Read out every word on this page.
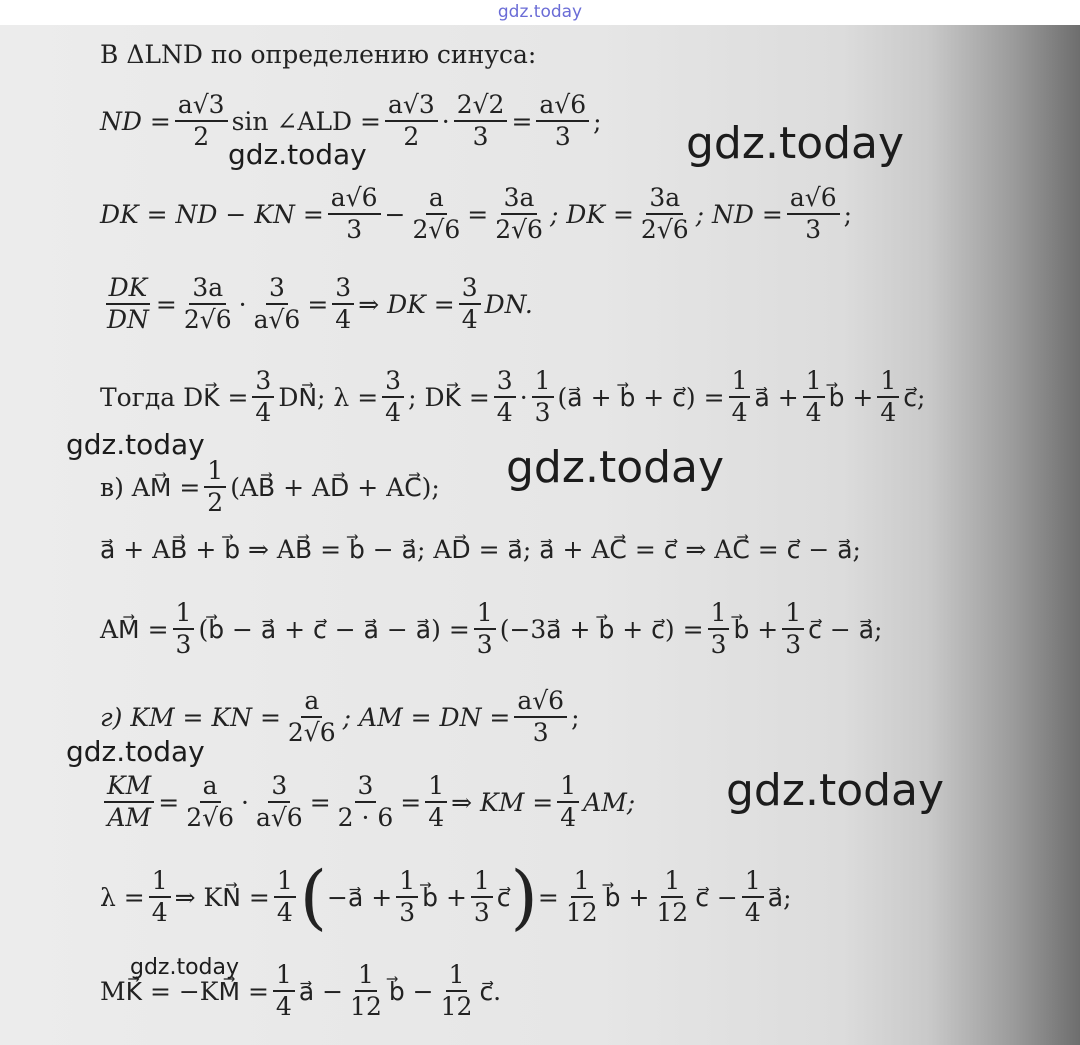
gdz.today
В ΔLND по определению синуса:
ND = $\frac{a√3}{2}$ sin ∠ALD = $\frac{a√3}{2} \cdot \frac{2√2}{3} = \frac{a√6}{3}$ ;
DK = ND − KN = $\frac{a√6}{3} - \frac{a}{2√6} = \frac{3a}{2√6}$ ; DK = $\frac{3a}{2√6}$ ; ND = $\frac{a√6}{3}$ ;
$\frac{DK}{DN} = \frac{3a}{2√6} \cdot \frac{3}{a√6} = \frac{3}{4}$ ⇒ DK = $\frac{3}{4}$ DN.
Тогда DK⃗ = $\frac{3}{4}$ DN⃗; $\lambda = \frac{3}{4}$ ; DK⃗ = $\frac{3}{4} \cdot \frac{1}{3}$ (a⃗ + b⃗ + c⃗) = $\frac{1}{4}$ a⃗ + $\frac{1}{4}$ b⃗ + $\frac{1}{4}$ c⃗;
в) AM⃗ = $\frac{1}{2}$ (AB⃗ + AD⃗ + AC⃗);
a⃗ + AB⃗ + b⃗ ⇒ AB⃗ = b⃗ − a⃗; AD⃗ = a⃗; a⃗ + AC⃗ = c⃗ ⇒ AC⃗ = c⃗ − a⃗;
AM⃗ = $\frac{1}{3}$ (b⃗ − a⃗ + c⃗ − a⃗ − a⃗) = $\frac{1}{3}$ (−3a⃗ + b⃗ + c⃗) = $\frac{1}{3}$ b⃗ + $\frac{1}{3}$ c⃗ − a⃗;
г) KM = KN = $\frac{a}{2√6}$ ; AM = DN = $\frac{a√6}{3}$ ;
$\frac{KM}{AM} = \frac{a}{2√6} \cdot \frac{3}{a√6} = \frac{3}{2 \cdot 6} = \frac{1}{4}$ ⇒ KM = $\frac{1}{4}$ AM;
$\lambda = \frac{1}{4}$ ⇒ KN⃗ = $\frac{1}{4}$ ( −a⃗ + $\frac{1}{3}$ b⃗ + $\frac{1}{3}$ c⃗ ) = $\frac{1}{12}$ b⃗ + $\frac{1}{12}$ c⃗ − $\frac{1}{4}$ a⃗;
MK⃗ = −KM⃗ = $\frac{1}{4}$ a⃗ − $\frac{1}{12}$ b⃗ − $\frac{1}{12}$ c⃗.
gdz.today
gdz.today
gdz.today	gdz.today
gdz.today
gdz.today
gdz.today
